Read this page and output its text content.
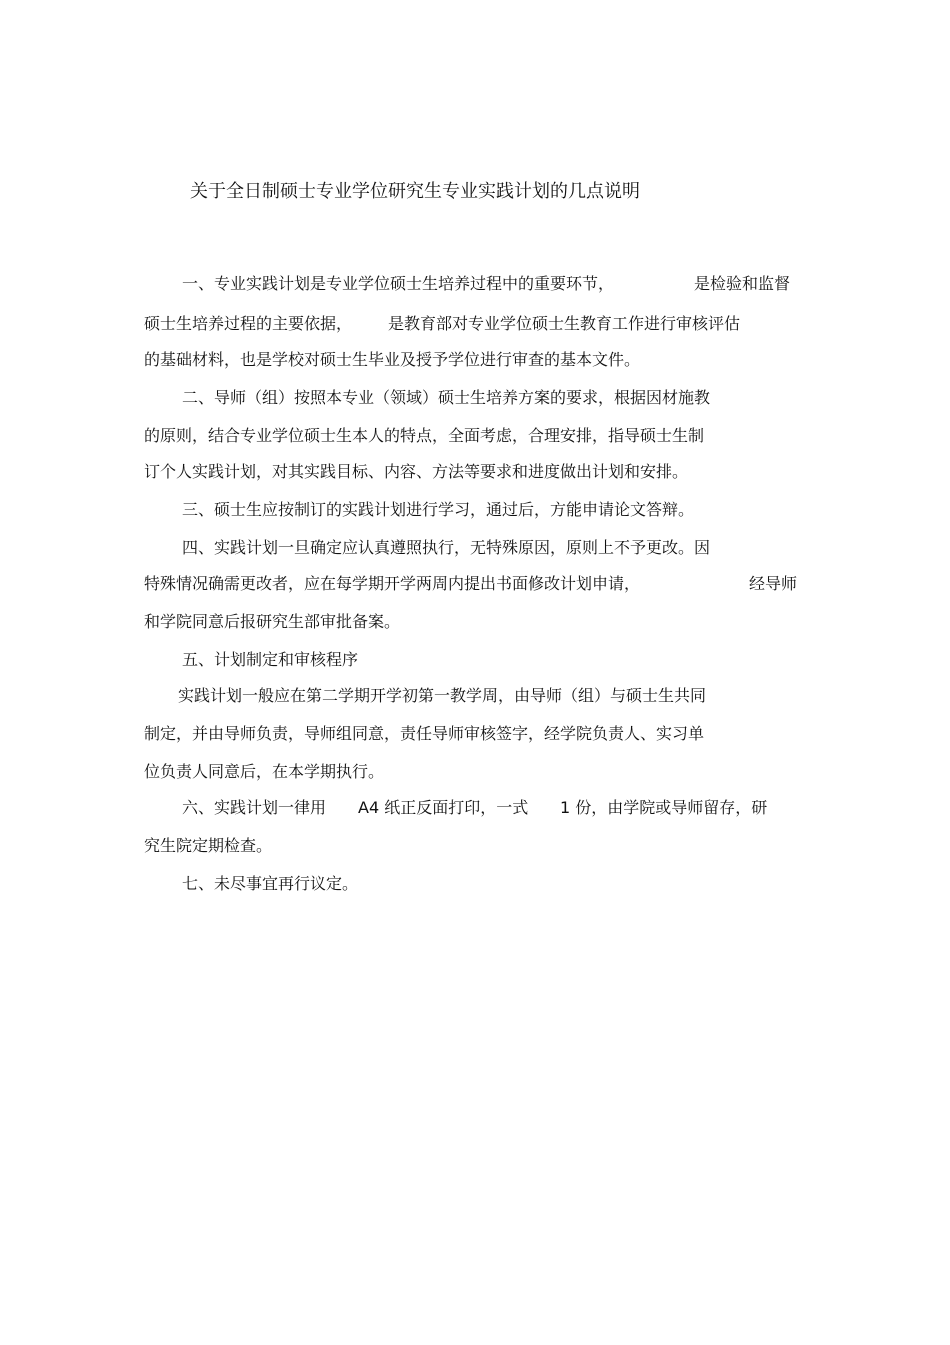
关于全日制硕士专业学位研究生专业实践计划的几点说明
一、专业实践计划是专业学位硕士生培养过程中的重要环节，	是检验和监督
硕士生培养过程的主要依据， 是教育部对专业学位硕士生教育工作进行审核评估
的基础材料，也是学校对硕士生毕业及授予学位进行审查的基本文件。
二、导师（组）按照本专业（领域）硕士生培养方案的要求，根据因材施教
的原则，结合专业学位硕士生本人的特点，全面考虑，合理安排，指导硕士生制
订个人实践计划，对其实践目标、内容、方法等要求和进度做出计划和安排。
三、硕士生应按制订的实践计划进行学习，通过后，方能申请论文答辩。
四、实践计划一旦确定应认真遵照执行，无特殊原因，原则上不予更改。因
特殊情况确需更改者，应在每学期开学两周内提出书面修改计划申请，	经导师
和学院同意后报研究生部审批备案。
五、计划制定和审核程序
实践计划一般应在第二学期开学初第一教学周，由导师（组）与硕士生共同
制定，并由导师负责，导师组同意，责任导师审核签字，经学院负责人、实习单
位负责人同意后，在本学期执行。
六、实践计划一律用 A4 纸正反面打印，一式 1 份，由学院或导师留存，研
究生院定期检查。
七、未尽事宜再行议定。
